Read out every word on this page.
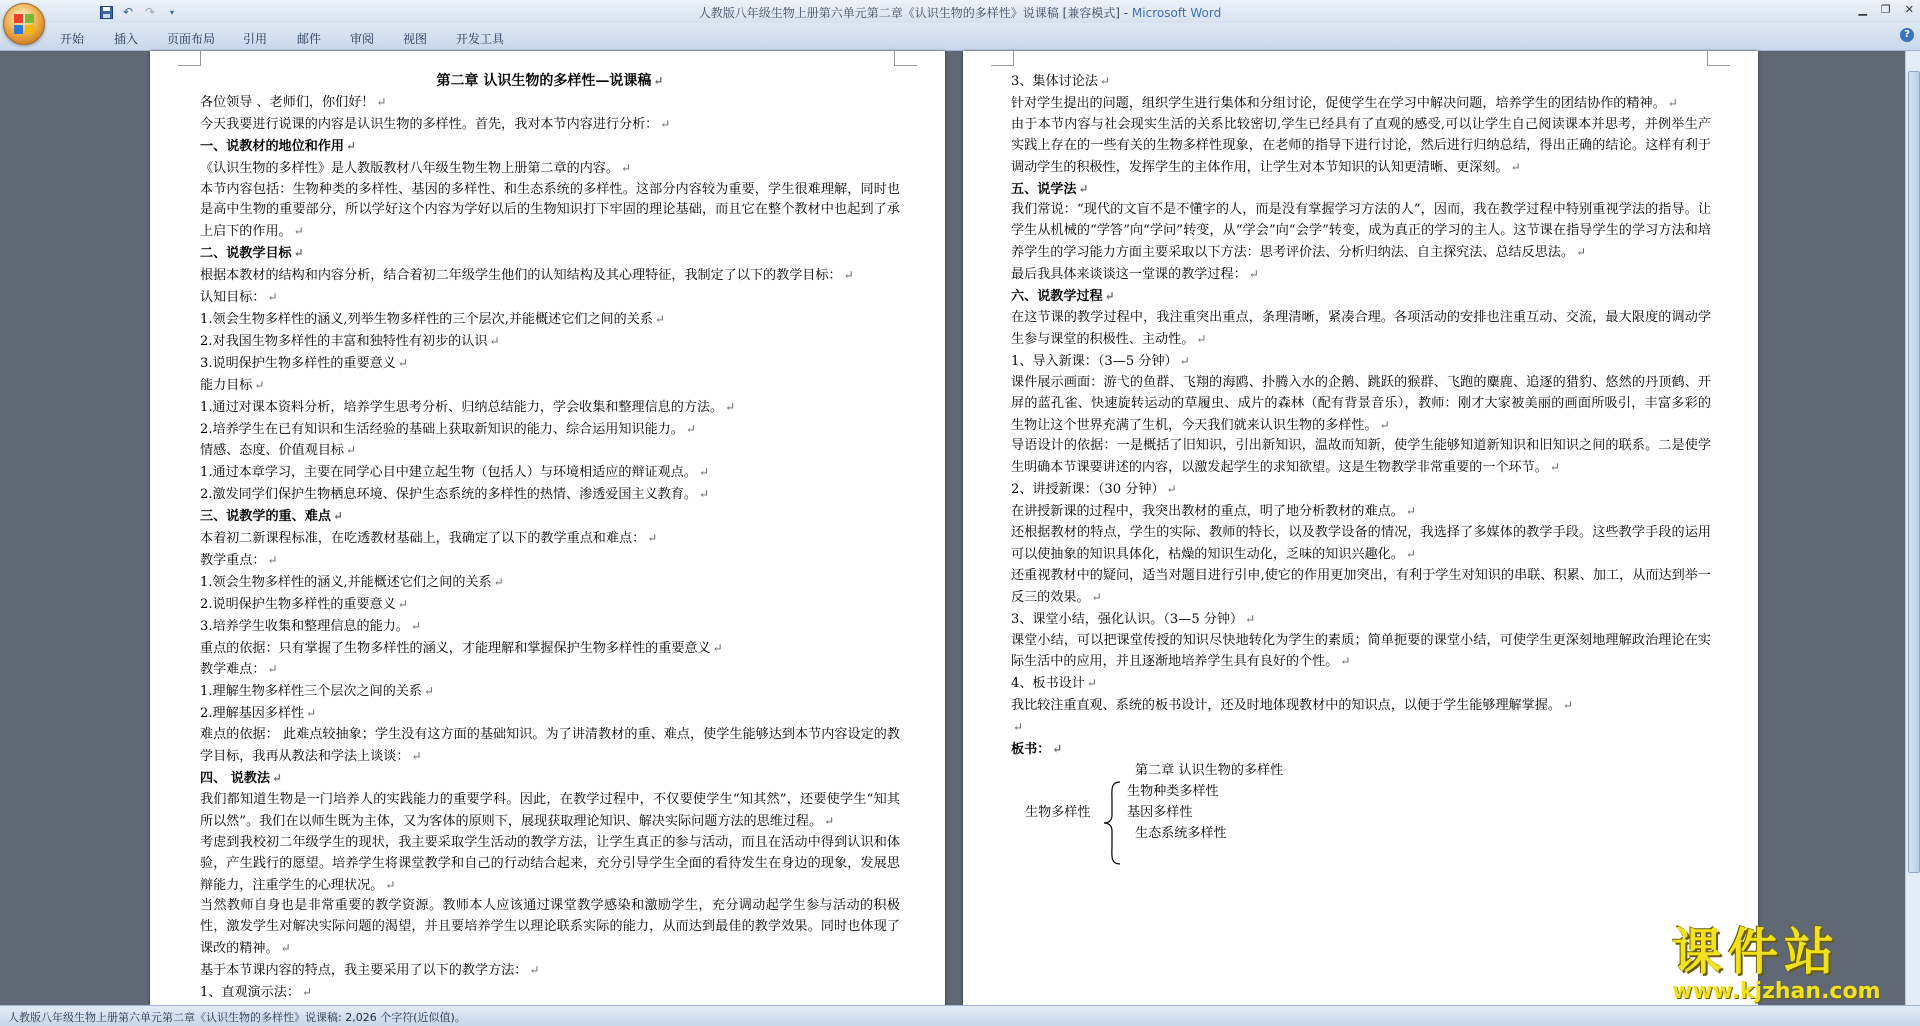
↶ ↷	▾	人教版八年级生物上册第六单元第二章《认识生物的多样性》说课稿 [兼容模式] - Microsoft Word	▁ ❐ ✕
开始 插入 页面布局 引用 邮件 审阅 视图 开发工具	?

第二章 认识生物的多样性—说课稿 ↵

各位领导 、老师们，你们好！ ↵

今天我要进行说课的内容是认识生物的多样性。首先，我对本节内容进行分析： ↵

一、说教材的地位和作用 ↵

《认识生物的多样性》是人教版教材八年级生物生物上册第二章的内容。 ↵

本节内容包括：生物种类的多样性、基因的多样性、和生态系统的多样性。这部分内容较为重要，学生很难理解，同时也是高中生物的重要部分，所以学好这个内容为学好以后的生物知识打下牢固的理论基础，而且它在整个教材中也起到了承上启下的作用。 ↵

二、说教学目标 ↵

根据本教材的结构和内容分析，结合着初二年级学生他们的认知结构及其心理特征，我制定了以下的教学目标： ↵

认知目标： ↵

1.领会生物多样性的涵义,列举生物多样性的三个层次,并能概述它们之间的关系 ↵

2.对我国生物多样性的丰富和独特性有初步的认识 ↵

3.说明保护生物多样性的重要意义 ↵

能力目标 ↵

1.通过对课本资料分析，培养学生思考分析、归纳总结能力，学会收集和整理信息的方法。 ↵

2.培养学生在已有知识和生活经验的基础上获取新知识的能力、综合运用知识能力。 ↵

情感、态度、价值观目标 ↵

1.通过本章学习，主要在同学心目中建立起生物（包括人）与环境相适应的辩证观点。 ↵

2.激发同学们保护生物栖息环境、保护生态系统的多样性的热情、渗透爱国主义教育。 ↵

三、说教学的重、难点 ↵

本着初二新课程标准，在吃透教材基础上，我确定了以下的教学重点和难点： ↵

教学重点： ↵

1.领会生物多样性的涵义,并能概述它们之间的关系 ↵

2.说明保护生物多样性的重要意义 ↵

3.培养学生收集和整理信息的能力。 ↵

重点的依据：只有掌握了生物多样性的涵义，才能理解和掌握保护生物多样性的重要意义 ↵

教学难点： ↵

1.理解生物多样性三个层次之间的关系 ↵

2.理解基因多样性 ↵

难点的依据： 此难点较抽象；学生没有这方面的基础知识。为了讲清教材的重、难点，使学生能够达到本节内容设定的教学目标，我再从教法和学法上谈谈： ↵

四、 说教法 ↵

我们都知道生物是一门培养人的实践能力的重要学科。因此，在教学过程中，不仅要使学生“知其然”，还要使学生“知其所以然”。我们在以师生既为主体，又为客体的原则下，展现获取理论知识、解决实际问题方法的思维过程。 ↵

考虑到我校初二年级学生的现状，我主要采取学生活动的教学方法，让学生真正的参与活动，而且在活动中得到认识和体验，产生践行的愿望。培养学生将课堂教学和自己的行动结合起来，充分引导学生全面的看待发生在身边的现象，发展思辩能力，注重学生的心理状况。 ↵

当然教师自身也是非常重要的教学资源。教师本人应该通过课堂教学感染和激励学生，充分调动起学生参与活动的积极性，激发学生对解决实际问题的渴望，并且要培养学生以理论联系实际的能力，从而达到最佳的教学效果。同时也体现了课改的精神。 ↵

基于本节课内容的特点，我主要采用了以下的教学方法： ↵

1、直观演示法： ↵

3、集体讨论法 ↵

针对学生提出的问题，组织学生进行集体和分组讨论，促使学生在学习中解决问题，培养学生的团结协作的精神。 ↵

由于本节内容与社会现实生活的关系比较密切,学生已经具有了直观的感受,可以让学生自己阅读课本并思考，并例举生产实践上存在的一些有关的生物多样性现象，在老师的指导下进行讨论，然后进行归纳总结，得出正确的结论。这样有利于调动学生的积极性，发挥学生的主体作用，让学生对本节知识的认知更清晰、更深刻。 ↵

五、说学法 ↵

我们常说：“现代的文盲不是不懂字的人，而是没有掌握学习方法的人”，因而，我在教学过程中特别重视学法的指导。让学生从机械的“学答”向“学问”转变，从“学会”向“会学”转变，成为真正的学习的主人。这节课在指导学生的学习方法和培养学生的学习能力方面主要采取以下方法：思考评价法、分析归纳法、自主探究法、总结反思法。 ↵

最后我具体来谈谈这一堂课的教学过程： ↵

六、说教学过程 ↵

在这节课的教学过程中，我注重突出重点，条理清晰，紧凑合理。各项活动的安排也注重互动、交流，最大限度的调动学生参与课堂的积极性、主动性。 ↵

1、导入新课：（3—5 分钟） ↵

课件展示画面：游弋的鱼群、飞翔的海鸥、扑腾入水的企鹅、跳跃的猴群、飞跑的麋鹿、追逐的猎豹、悠然的丹顶鹤、开屏的蓝孔雀、快速旋转运动的草履虫、成片的森林（配有背景音乐），教师：刚才大家被美丽的画面所吸引，丰富多彩的生物让这个世界充满了生机，今天我们就来认识生物的多样性。 ↵

导语设计的依据：一是概括了旧知识，引出新知识，温故而知新，使学生能够知道新知识和旧知识之间的联系。二是使学生明确本节课要讲述的内容，以激发起学生的求知欲望。这是生物教学非常重要的一个环节。 ↵

2、讲授新课：（30 分钟） ↵

在讲授新课的过程中，我突出教材的重点，明了地分析教材的难点。 ↵

还根据教材的特点，学生的实际、教师的特长，以及教学设备的情况，我选择了多媒体的教学手段。这些教学手段的运用可以使抽象的知识具体化，枯燥的知识生动化，乏味的知识兴趣化。 ↵

还重视教材中的疑问，适当对题目进行引申,使它的作用更加突出，有利于学生对知识的串联、积累、加工，从而达到举一反三的效果。 ↵

3、课堂小结，强化认识。（3—5 分钟） ↵

课堂小结，可以把课堂传授的知识尽快地转化为学生的素质；简单扼要的课堂小结，可使学生更深刻地理解政治理论在实际生活中的应用，并且逐渐地培养学生具有良好的个性。 ↵

4、板书设计 ↵

我比较注重直观、系统的板书设计，还及时地体现教材中的知识点，以便于学生能够理解掌握。 ↵

↵

板书： ↵

第二章 认识生物的多样性
生物多样性
生物种类多样性
基因多样性
生态系统多样性
人教版八年级生物上册第六单元第二章《认识生物的多样性》说课稿: 2,026 个字符(近似值)。
课件站
www.kjzhan.com
